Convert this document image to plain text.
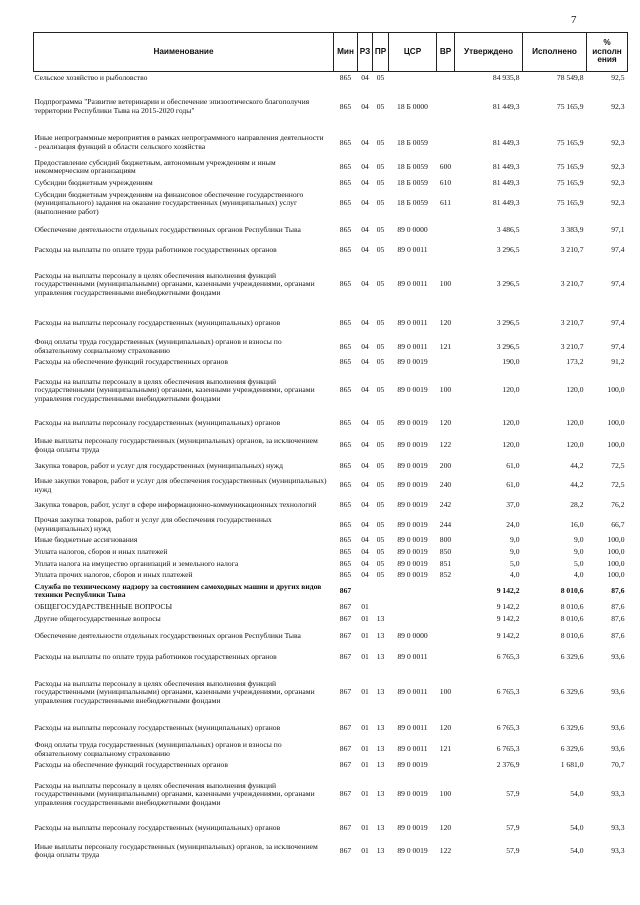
7
Наименование	Мин	РЗ	ПР	ЦСР	ВР	Утверждено	Исполнено	% исполн ения
Сельское хозяйство и рыболовство	865	04	05			84 935,8	78 549,8	92,5
Подпрограмма "Развитие ветеринарии и обеспечение эпизоотического благополучия территории Республики Тыва на 2015-2020 годы"	865	04	05	18 Б 0000		81 449,3	75 165,9	92,3
Иные непрограммные мероприятия в рамках непрограммного направления деятельности - реализация функций в области сельского хозяйства	865	04	05	18 Б 0059		81 449,3	75 165,9	92,3
Предоставление субсидий бюджетным, автономным учреждениям и иным некоммерческим организациям	865	04	05	18 Б 0059	600	81 449,3	75 165,9	92,3
Субсидии бюджетным учреждениям	865	04	05	18 Б 0059	610	81 449,3	75 165,9	92,3
Субсидии бюджетным учреждениям на финансовое обеспечение государственного (муниципального) задания на оказание государственных (муниципальных) услуг (выполнение работ)	865	04	05	18 Б 0059	611	81 449,3	75 165,9	92,3
Обеспечение деятельности отдельных государственных органов Республики Тыва	865	04	05	89 0 0000		3 486,5	3 383,9	97,1
Расходы на выплаты по оплате труда работников государственных органов	865	04	05	89 0 0011		3 296,5	3 210,7	97,4
Расходы на выплаты персоналу в целях обеспечения выполнения функций государственными (муниципальными) органами, казенными учреждениями, органами управления государственными внебюджетными фондами	865	04	05	89 0 0011	100	3 296,5	3 210,7	97,4
Расходы на выплаты персоналу государственных (муниципальных) органов	865	04	05	89 0 0011	120	3 296,5	3 210,7	97,4
Фонд оплаты труда государственных (муниципальных) органов и взносы по обязательному социальному страхованию	865	04	05	89 0 0011	121	3 296,5	3 210,7	97,4
Расходы на обеспечение функций государственных органов	865	04	05	89 0 0019		190,0	173,2	91,2
Расходы на выплаты персоналу в целях обеспечения выполнения функций государственными (муниципальными) органами, казенными учреждениями, органами управления государственными внебюджетными фондами	865	04	05	89 0 0019	100	120,0	120,0	100,0
Расходы на выплаты персоналу государственных (муниципальных) органов	865	04	05	89 0 0019	120	120,0	120,0	100,0
Иные выплаты персоналу государственных (муниципальных) органов, за исключением фонда оплаты труда	865	04	05	89 0 0019	122	120,0	120,0	100,0
Закупка товаров, работ и услуг для государственных (муниципальных) нужд	865	04	05	89 0 0019	200	61,0	44,2	72,5
Иные закупки товаров, работ и услуг для обеспечения государственных (муниципальных) нужд	865	04	05	89 0 0019	240	61,0	44,2	72,5
Закупка товаров, работ, услуг в сфере информационно-коммуникационных технологий	865	04	05	89 0 0019	242	37,0	28,2	76,2
Прочая закупка товаров, работ и услуг для обеспечения государственных (муниципальных) нужд	865	04	05	89 0 0019	244	24,0	16,0	66,7
Иные бюджетные ассигнования	865	04	05	89 0 0019	800	9,0	9,0	100,0
Уплата налогов, сборов и иных платежей	865	04	05	89 0 0019	850	9,0	9,0	100,0
Уплата налога на имущество организаций и земельного налога	865	04	05	89 0 0019	851	5,0	5,0	100,0
Уплата прочих налогов, сборов и иных платежей	865	04	05	89 0 0019	852	4,0	4,0	100,0
Служба по техническому надзору за состоянием самоходных машин и других видов техники Республики Тыва	867					9 142,2	8 010,6	87,6
ОБЩЕГОСУДАРСТВЕННЫЕ ВОПРОСЫ	867	01				9 142,2	8 010,6	87,6
Другие общегосударственные вопросы	867	01	13			9 142,2	8 010,6	87,6
Обеспечение деятельности отдельных государственных органов Республики Тыва	867	01	13	89 0 0000		9 142,2	8 010,6	87,6
Расходы на выплаты по оплате труда работников государственных органов	867	01	13	89 0 0011		6 765,3	6 329,6	93,6
Расходы на выплаты персоналу в целях обеспечения выполнения функций государственными (муниципальными) органами, казенными учреждениями, органами управления государственными внебюджетными фондами	867	01	13	89 0 0011	100	6 765,3	6 329,6	93,6
Расходы на выплаты персоналу государственных (муниципальных) органов	867	01	13	89 0 0011	120	6 765,3	6 329,6	93,6
Фонд оплаты труда государственных (муниципальных) органов и взносы по обязательному социальному страхованию	867	01	13	89 0 0011	121	6 765,3	6 329,6	93,6
Расходы на обеспечение функций государственных органов	867	01	13	89 0 0019		2 376,9	1 681,0	70,7
Расходы на выплаты персоналу в целях обеспечения выполнения функций государственными (муниципальными) органами, казенными учреждениями, органами управления государственными внебюджетными фондами	867	01	13	89 0 0019	100	57,9	54,0	93,3
Расходы на выплаты персоналу государственных (муниципальных) органов	867	01	13	89 0 0019	120	57,9	54,0	93,3
Иные выплаты персоналу государственных (муниципальных) органов, за исключением фонда оплаты труда	867	01	13	89 0 0019	122	57,9	54,0	93,3
